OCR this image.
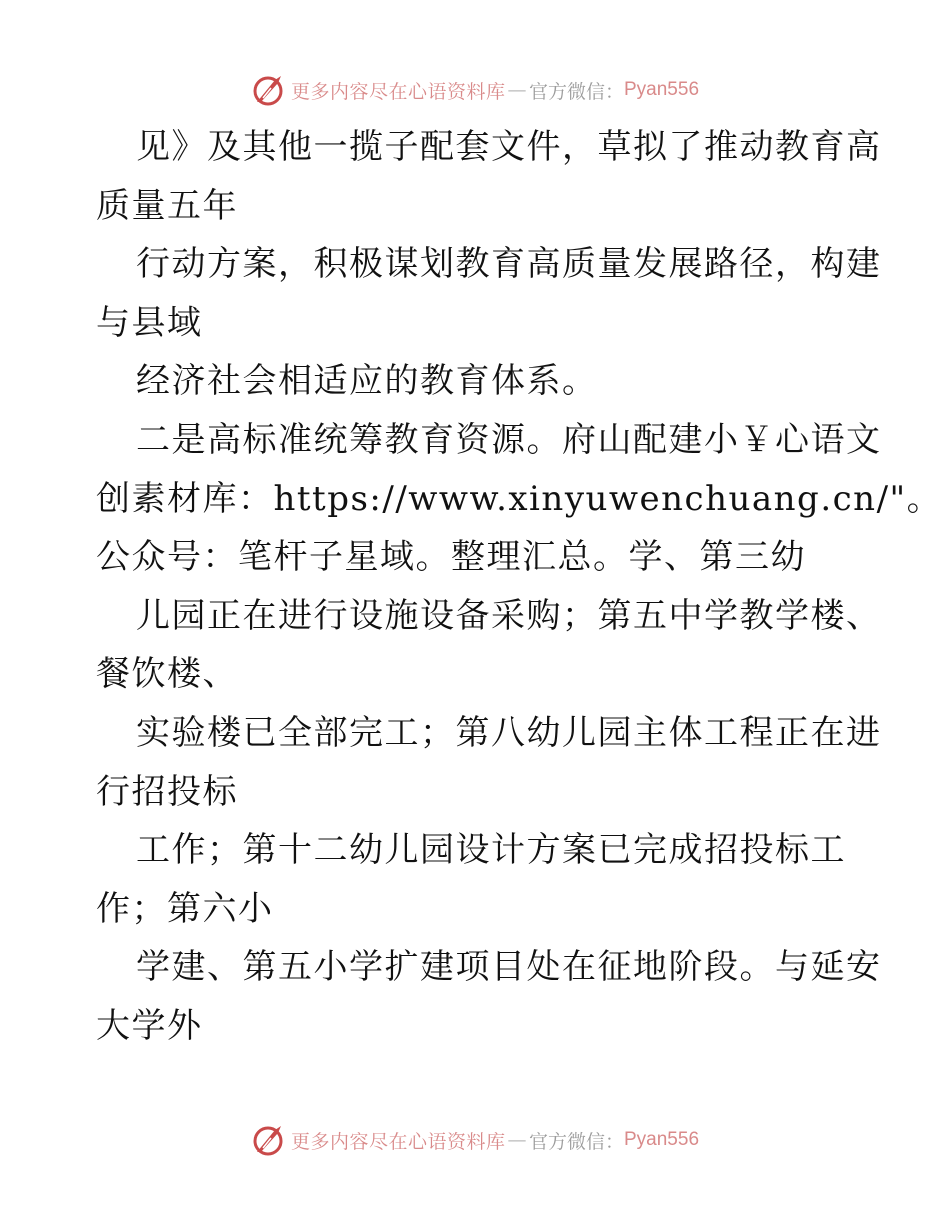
更多内容尽在心语资料库 — 官方微信： Pyan556
见》及其他一揽子配套文件，草拟了推动教育高
质量五年
行动方案，积极谋划教育高质量发展路径，构建
与县域
经济社会相适应的教育体系。
二是高标准统筹教育资源。府山配建小￥心语文
创素材库：https://www.xinyuwenchuang.cn/"。
公众号：笔杆子星域。整理汇总。学、第三幼
儿园正在进行设施设备采购；第五中学教学楼、
餐饮楼、
实验楼已全部完工；第八幼儿园主体工程正在进
行招投标
工作；第十二幼儿园设计方案已完成招投标工
作；第六小
学建、第五小学扩建项目处在征地阶段。与延安
大学外
更多内容尽在心语资料库 — 官方微信： Pyan556
